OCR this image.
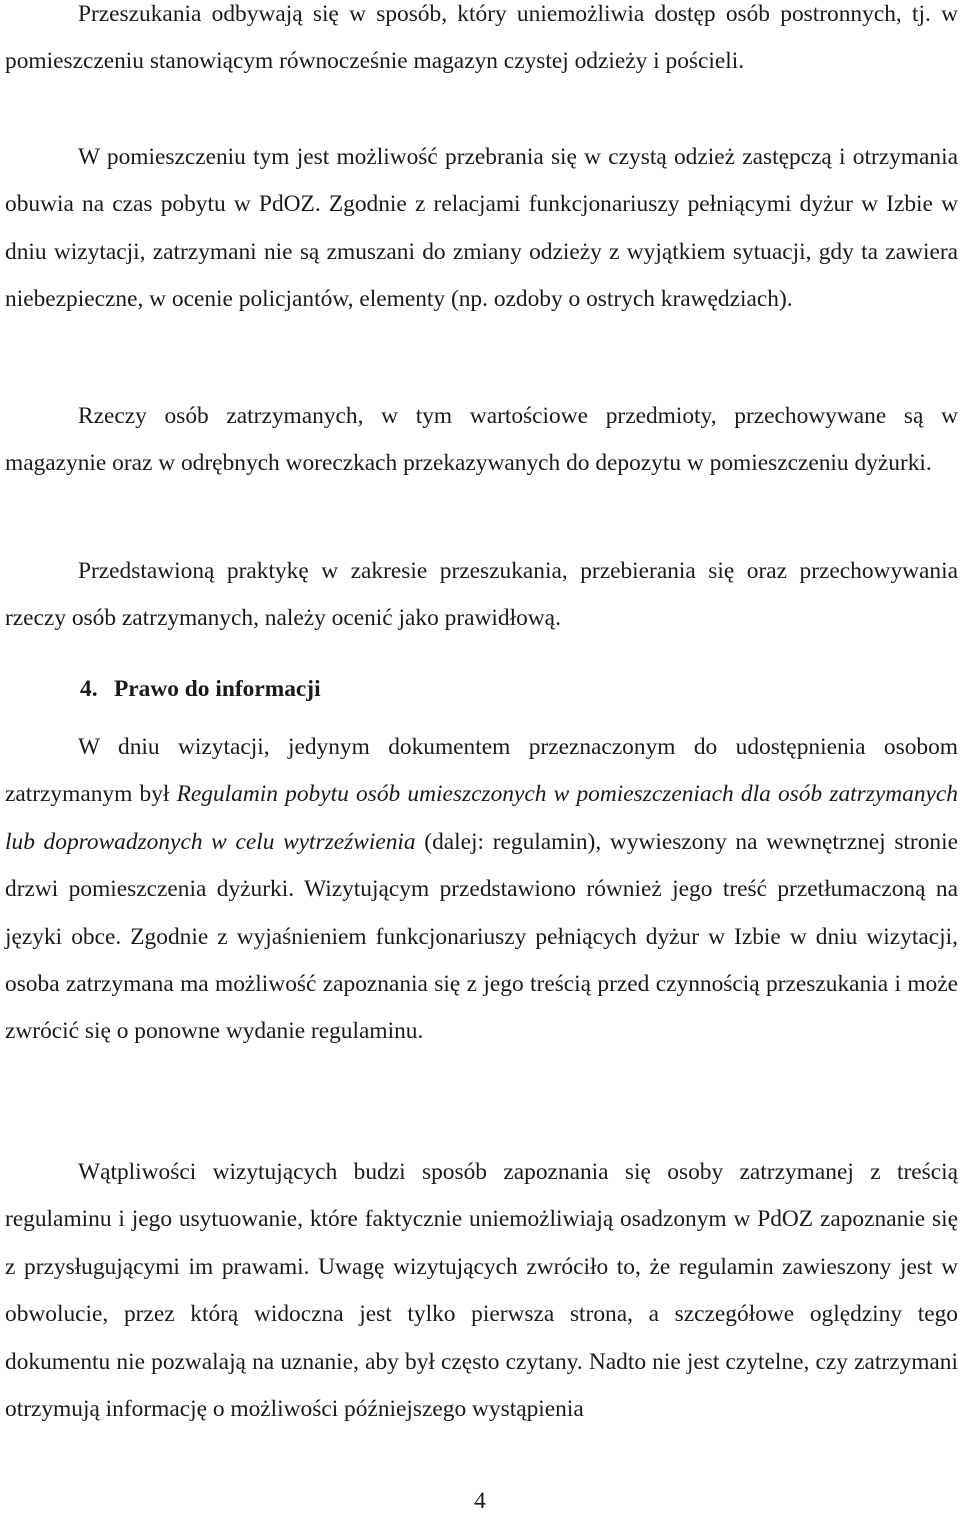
Przeszukania odbywają się w sposób, który uniemożliwia dostęp osób postronnych, tj. w pomieszczeniu stanowiącym równocześnie magazyn czystej odzieży i pościeli.

W pomieszczeniu tym jest możliwość przebrania się w czystą odzież zastępczą i otrzymania obuwia na czas pobytu w PdOZ. Zgodnie z relacjami funkcjonariuszy pełniącymi dyżur w Izbie w dniu wizytacji, zatrzymani nie są zmuszani do zmiany odzieży z wyjątkiem sytuacji, gdy ta zawiera niebezpieczne, w ocenie policjantów, elementy (np. ozdoby o ostrych krawędziach).

Rzeczy osób zatrzymanych, w tym wartościowe przedmioty, przechowywane są w magazynie oraz w odrębnych woreczkach przekazywanych do depozytu w pomieszczeniu dyżurki.

Przedstawioną praktykę w zakresie przeszukania, przebierania się oraz przechowywania rzeczy osób zatrzymanych, należy ocenić jako prawidłową.

4. Prawo do informacji

W dniu wizytacji, jedynym dokumentem przeznaczonym do udostępnienia osobom zatrzymanym był Regulamin pobytu osób umieszczonych w pomieszczeniach dla osób zatrzymanych lub doprowadzonych w celu wytrzeźwienia (dalej: regulamin), wywieszony na wewnętrznej stronie drzwi pomieszczenia dyżurki. Wizytującym przedstawiono również jego treść przetłumaczoną na języki obce. Zgodnie z wyjaśnieniem funkcjonariuszy pełniących dyżur w Izbie w dniu wizytacji, osoba zatrzymana ma możliwość zapoznania się z jego treścią przed czynnością przeszukania i może zwrócić się o ponowne wydanie regulaminu.

Wątpliwości wizytujących budzi sposób zapoznania się osoby zatrzymanej z treścią regulaminu i jego usytuowanie, które faktycznie uniemożliwiają osadzonym w PdOZ zapoznanie się z przysługującymi im prawami. Uwagę wizytujących zwróciło to, że regulamin zawieszony jest w obwolucie, przez którą widoczna jest tylko pierwsza strona, a szczegółowe oględziny tego dokumentu nie pozwalają na uznanie, aby był często czytany. Nadto nie jest czytelne, czy zatrzymani otrzymują informację o możliwości późniejszego wystąpienia

4
